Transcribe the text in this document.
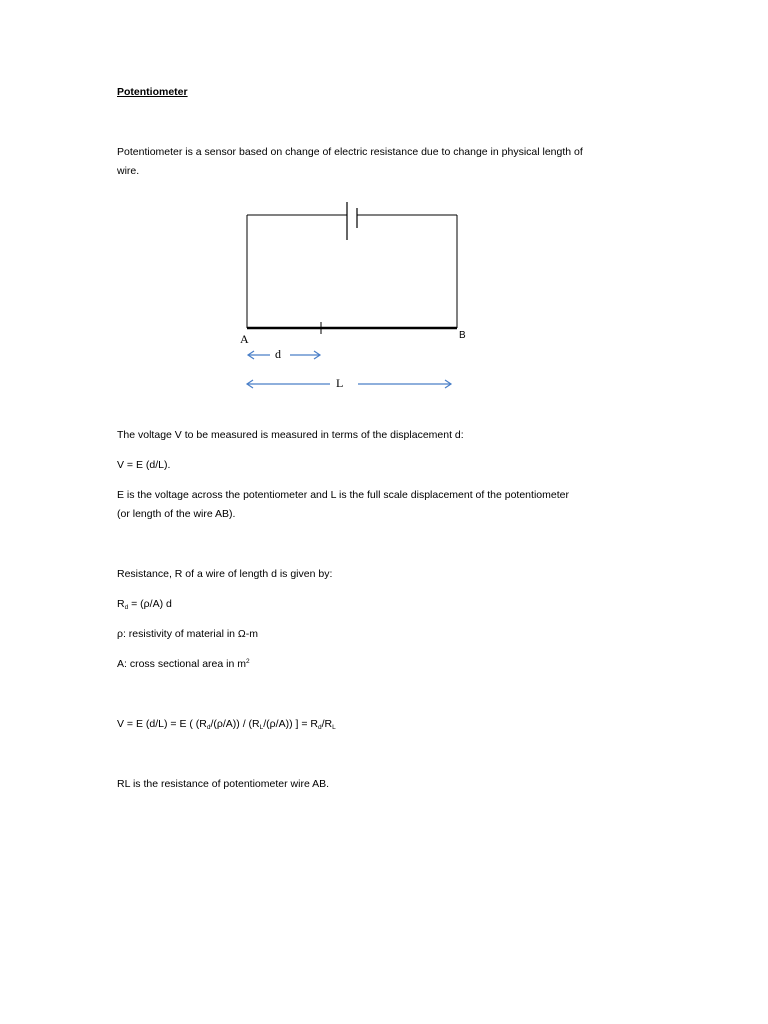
Potentiometer
Potentiometer is a sensor based on change of electric resistance due to change in physical length of
wire.
A	B
d
L
The voltage V to be measured is measured in terms of the displacement d:
V = E (d/L).
E is the voltage across the potentiometer and L is the full scale displacement of the potentiometer
(or length of the wire AB).
Resistance, R of a wire of length d is given by:
$R_d = (\rho/A)$ d
ρ: resistivity of material in Ω-m
A: cross sectional area in $m^2$
V = E (d/L) = E ( $(R_d/(\rho/A)) / (R_L/(\rho/A))$ ] = $R_d/R_L$
RL is the resistance of potentiometer wire AB.
